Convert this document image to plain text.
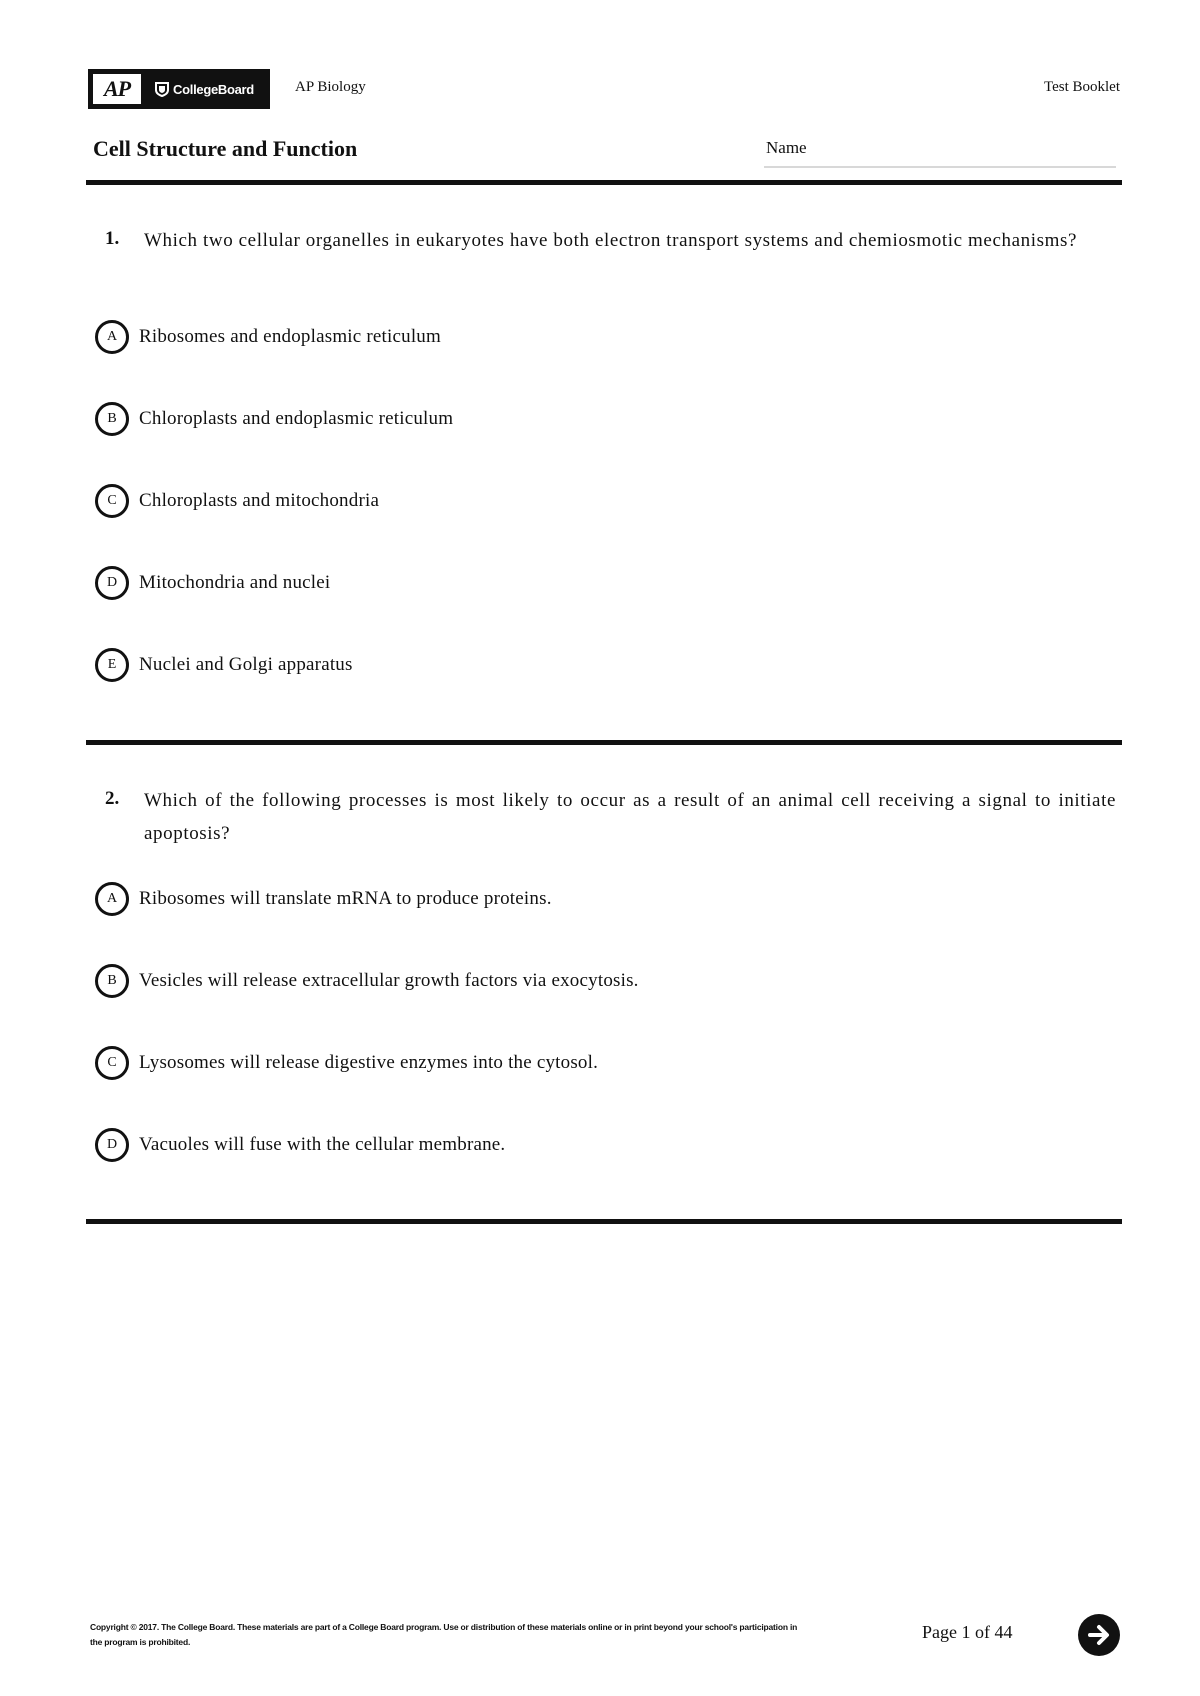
AP	CollegeBoard	AP Biology	Test Booklet
Cell Structure and Function	Name
1. Which two cellular organelles in eukaryotes have both electron transport systems and chemiosmotic mechanisms?
A	Ribosomes and endoplasmic reticulum
B	Chloroplasts and endoplasmic reticulum
C	Chloroplasts and mitochondria
D	Mitochondria and nuclei
E	Nuclei and Golgi apparatus
2. Which of the following processes is most likely to occur as a result of an animal cell receiving a signal to initiate apoptosis?
A	Ribosomes will translate mRNA to produce proteins.
B	Vesicles will release extracellular growth factors via exocytosis.
C	Lysosomes will release digestive enzymes into the cytosol.
D	Vacuoles will fuse with the cellular membrane.
Copyright © 2017. The College Board. These materials are part of a College Board program. Use or distribution of these materials online or in print beyond your school's participation in the program is prohibited.	Page 1 of 44
